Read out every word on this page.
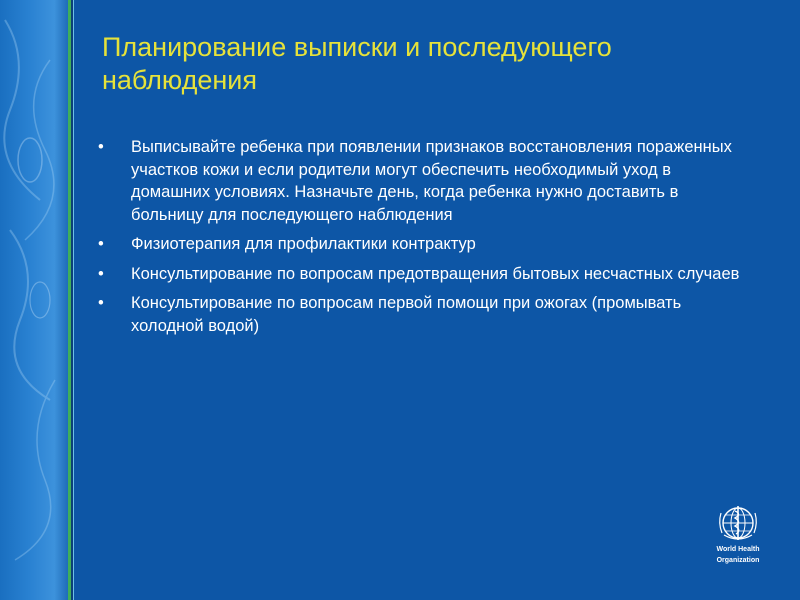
Планирование выписки и последующего наблюдения
•	Выписывайте ребенка при появлении признаков восстановления пораженных участков кожи и если родители могут обеспечить необходимый уход в домашних условиях. Назначьте день, когда ребенка нужно доставить в больницу для последующего наблюдения
•	Физиотерапия для профилактики контрактур
•	Консультирование по вопросам предотвращения бытовых несчастных случаев
•	Консультирование по вопросам первой помощи при ожогах (промывать холодной водой)
World Health
Organization
